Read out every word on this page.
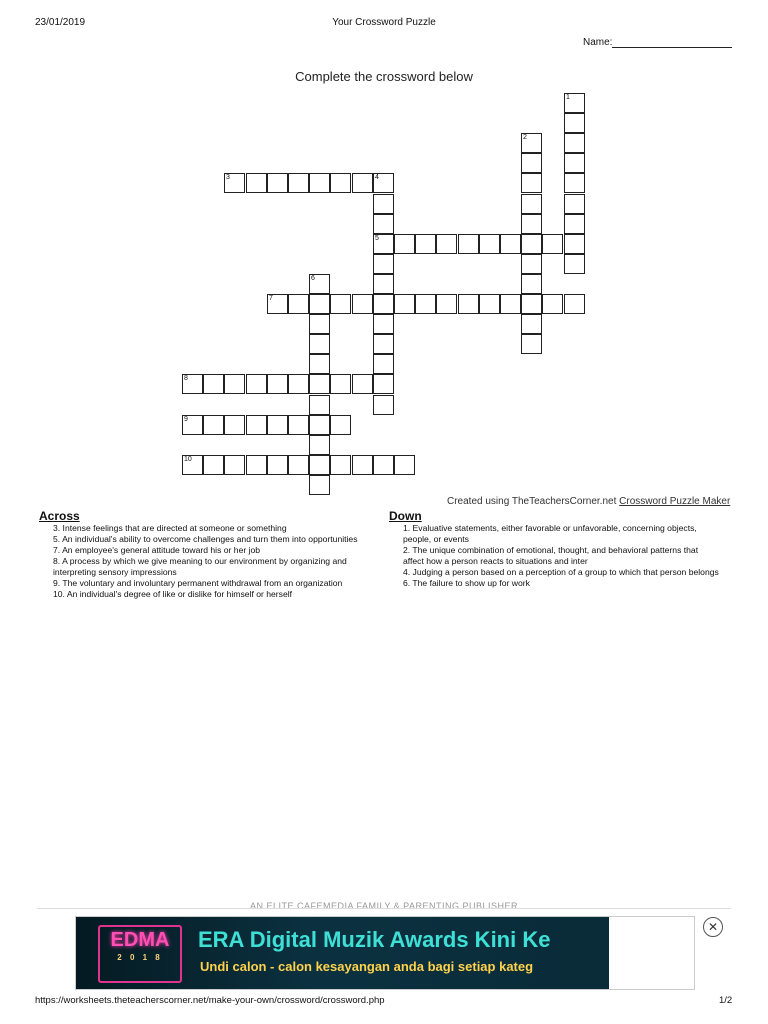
23/01/2019	Your Crossword Puzzle
Name:
Complete the crossword below
1
2
3	4
5
6
7
8
9
10
Created using TheTeachersCorner.net Crossword Puzzle Maker
Across	Down

3. Intense feelings that are directed at someone or something

5. An individual's ability to overcome challenges and turn them into opportunities

7. An employee's general attitude toward his or her job

8. A process by which we give meaning to our environment by organizing and interpreting sensory impressions

9. The voluntary and involuntary permanent withdrawal from an organization

10. An individual's degree of like or dislike for himself or herself

1. Evaluative statements, either favorable or unfavorable, concerning objects, people, or events

2. The unique combination of emotional, thought, and behavioral patterns that affect how a person reacts to situations and inter

4. Judging a person based on a perception of a group to which that person belongs

6. The failure to show up for work

AN ELITE CAFEMEDIA FAMILY & PARENTING PUBLISHER
EDMA
2 0 1 8
ERA Digital Muzik Awards Kini Ke
Undi calon - calon kesayangan anda bagi setiap kateg
✕
https://worksheets.theteacherscorner.net/make-your-own/crossword/crossword.php	1/2
